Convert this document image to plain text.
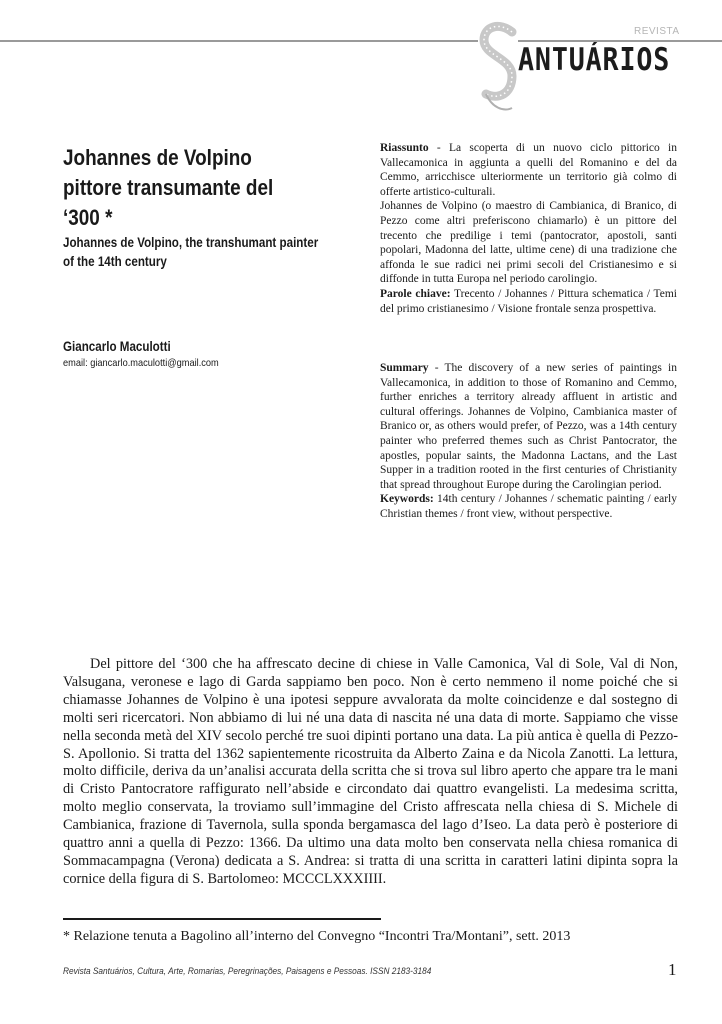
REVISTA
ANTUÁRIOS
Johannes de Volpino pittore transumante del ‘300 *
Johannes de Volpino, the transhumant painter of the 14th century
Giancarlo Maculotti
email: giancarlo.maculotti@gmail.com

Riassunto - La scoperta di un nuovo ciclo pittorico in Vallecamonica in aggiunta a quelli del Romanino e del da Cemmo, arricchisce ulteriormente un territorio già colmo di offerte artistico-culturali.

Johannes de Volpino (o maestro di Cambianica, di Branico, di Pezzo come altri preferiscono chiamarlo) è un pittore del trecento che predilige i temi (pantocrator, apostoli, santi popolari, Madonna del latte, ultime cene) di una tradizione che affonda le sue radici nei primi secoli del Cristianesimo e si diffonde in tutta Europa nel periodo carolingio.

Parole chiave: Trecento / Johannes / Pittura schematica / Temi del primo cristianesimo / Visione frontale senza prospettiva.

Summary - The discovery of a new series of paintings in Vallecamonica, in addition to those of Romanino and Cemmo, further enriches a territory already affluent in artistic and cultural offerings. Johannes de Volpino, Cambianica master of Branico or, as others would prefer, of Pezzo, was a 14th century painter who preferred themes such as Christ Pantocrator, the apostles, popular saints, the Madonna Lactans, and the Last Supper in a tradition rooted in the first centuries of Christianity that spread throughout Europe during the Carolingian period.

Keywords: 14th century / Johannes / schematic painting / early Christian themes / front view, without perspective.

Del pittore del ‘300 che ha affrescato decine di chiese in Valle Camonica, Val di Sole, Val di Non, Valsugana, veronese e lago di Garda sappiamo ben poco. Non è certo nemmeno il nome poiché che si chiamasse Johannes de Volpino è una ipotesi seppure avvalorata da molte coincidenze e dal sostegno di molti seri ricercatori. Non abbiamo di lui né una data di nascita né una data di morte. Sappiamo che visse nella seconda metà del XIV secolo perché tre suoi dipinti portano una data. La più antica è quella di Pezzo-S. Apollonio. Si tratta del 1362 sapientemente ricostruita da Alberto Zaina e da Nicola Zanotti. La lettura, molto difficile, deriva da un’analisi accurata della scritta che si trova sul libro aperto che appare tra le mani di Cristo Pantocratore raffigurato nell’abside e circondato dai quattro evangelisti. La medesima scritta, molto meglio conservata, la troviamo sull’immagine del Cristo affrescata nella chiesa di S. Michele di Cambianica, frazione di Tavernola, sulla sponda bergamasca del lago d’Iseo. La data però è posteriore di quattro anni a quella di Pezzo: 1366. Da ultimo una data molto ben conservata nella chiesa romanica di Sommacampagna (Verona) dedicata a S. Andrea: si tratta di una scritta in caratteri latini dipinta sopra la cornice della figura di S. Bartolomeo: MCCCLXXXIIII.

* Relazione tenuta a Bagolino all’interno del Convegno “Incontri Tra/Montani”, sett. 2013
Revista Santuários, Cultura, Arte, Romarias, Peregrinações, Paisagens e Pessoas. ISSN 2183-3184	1
